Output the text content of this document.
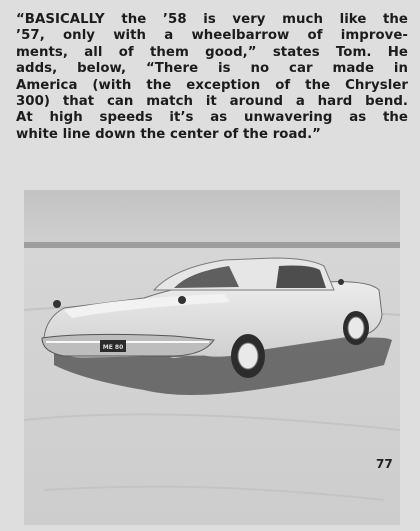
“BASICALLY the ’58 is very much like the
’57, only with a wheelbarrow of improve-
ments, all of them good,” states Tom. He
adds, below, “There is no car made in
America (with the exception of the Chrysler
300) that can match it around a hard bend.
At high speeds it’s as unwavering as the
white line down the center of the road.”

ME 80
77
